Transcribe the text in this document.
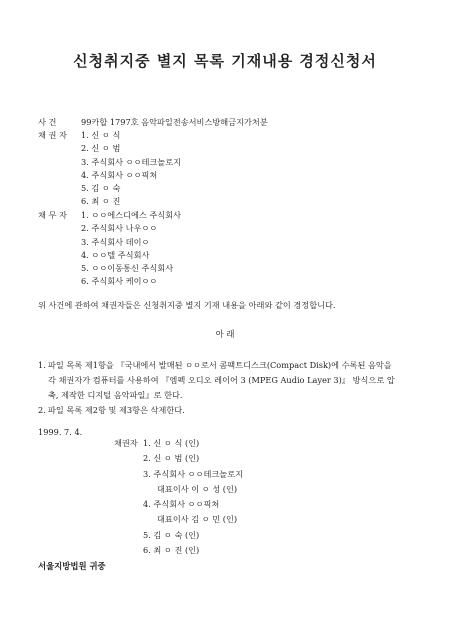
신청취지중 별지 목록 기재내용 경정신청서
사 건	99카합 1797호 음악파일전송서비스방해금지가처분
채 권 자 1. 신 ㅇ 식
2. 신 ㅇ 범
3. 주식회사 ㅇㅇ테크놀로지
4. 주식회사 ㅇㅇ픽쳐
5. 김 ㅇ 숙
6. 최 ㅇ 진
채 무 자 1. ㅇㅇ에스디에스 주식회사
2. 주식회사 나우ㅇㅇ
3. 주식회사 데이ㅇ
4. ㅇㅇ텔 주식회사
5. ㅇㅇ이동통신 주식회사
6. 주식회사 케이ㅇㅇ
위 사건에 관하여 채권자들은 신청취지중 별지 기재 내용을 아래와 같이 경정합니다.
아 래
1. 파일 목록 제1항을 『국내에서 발매된 ㅇㅇ로서 콤팩트디스크(Compact Disk)에 수록된 음악을
각 채권자가 컴퓨터를 사용하여 『엠펙 오디오 레이어 3 (MPEG Audio Layer 3)』 방식으로 압
축, 제작한 디지털 음악파일』로 한다.
2. 파일 목록 제2항 및 제3항은 삭제한다.
1999. 7. 4.
채권자 1. 신 ㅇ 식 (인)
2. 신 ㅇ 범 (인)
3. 주식회사 ㅇㅇ테크놀로지
대표이사 이 ㅇ 성 (인)
4. 주식회사 ㅇㅇ픽쳐
대표이사 김 ㅇ 민 (인)
5. 김 ㅇ 숙 (인)
6. 최 ㅇ 진 (인)
서울지방법원 귀중
